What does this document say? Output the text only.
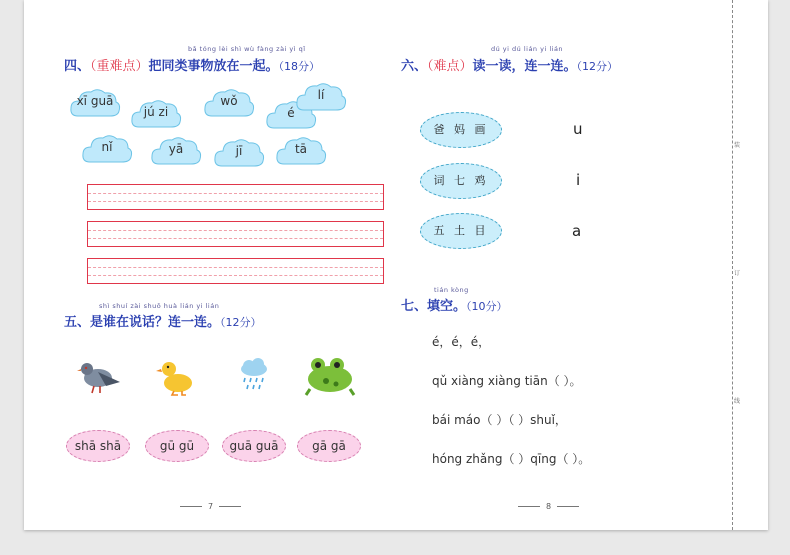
bǎ tóng lèi shì wù fàng zài yì qǐ
四、（重难点）把同类事物放在一起。（18分）
xī guā
jú zi
wǒ
é
lí
nǐ	yā	jī	tā
shì shuí zài shuō huà lián yi lián
五、是谁在说话？连一连。（12分）
shā shā	gū gū	guā guā	gā gā
7
dú yi dú lián yi lián
六、（难点）读一读，连一连。（12分）
爸 妈 画
词 七 鸡
五 土 目
u
i
a
tián kòng
七、填空。（10分）
é，é，é，
qǔ xiàng xiàng tiān（ ）。
bái máo（ ）（ ）shuǐ，
hóng zhǎng（ ）qīng（ ）。
8
装
订
线
